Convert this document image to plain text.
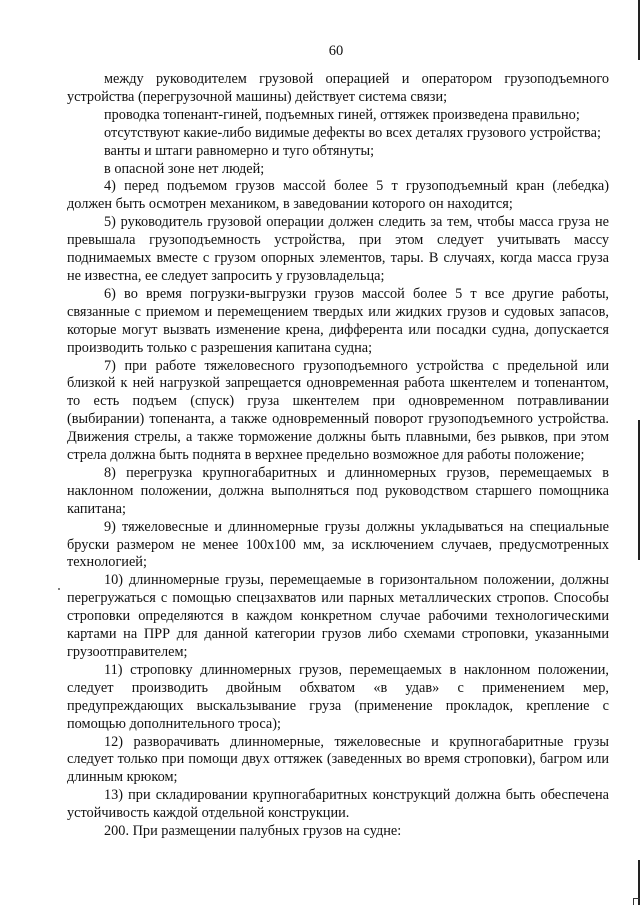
60

между руководителем грузовой операцией и оператором грузоподъемного устройства (перегрузочной машины) действует система связи;

проводка топенант-гиней, подъемных гиней, оттяжек произведена правильно;

отсутствуют какие-либо видимые дефекты во всех деталях грузового устройства;

ванты и штаги равномерно и туго обтянуты;

в опасной зоне нет людей;

4) перед подъемом грузов массой более 5 т грузоподъемный кран (лебедка) должен быть осмотрен механиком, в заведовании которого он находится;

5) руководитель грузовой операции должен следить за тем, чтобы масса груза не превышала грузоподъемность устройства, при этом следует учитывать массу поднимаемых вместе с грузом опорных элементов, тары. В случаях, когда масса груза не известна, ее следует запросить у грузовладельца;

6) во время погрузки-выгрузки грузов массой более 5 т все другие работы, связанные с приемом и перемещением твердых или жидких грузов и судовых запасов, которые могут вызвать изменение крена, дифферента или посадки судна, допускается производить только с разрешения капитана судна;

7) при работе тяжеловесного грузоподъемного устройства с предельной или близкой к ней нагрузкой запрещается одновременная работа шкентелем и топенантом, то есть подъем (спуск) груза шкентелем при одновременном потравливании (выбирании) топенанта, а также одновременный поворот грузоподъемного устройства. Движения стрелы, а также торможение должны быть плавными, без рывков, при этом стрела должна быть поднята в верхнее предельно возможное для работы положение;

8) перегрузка крупногабаритных и длинномерных грузов, перемещаемых в наклонном положении, должна выполняться под руководством старшего помощника капитана;

9) тяжеловесные и длинномерные грузы должны укладываться на специальные бруски размером не менее 100х100 мм, за исключением случаев, предусмотренных технологией;

10) длинномерные грузы, перемещаемые в горизонтальном положении, должны перегружаться с помощью спецзахватов или парных металлических стропов. Способы строповки определяются в каждом конкретном случае рабочими технологическими картами на ПРР для данной категории грузов либо схемами строповки, указанными грузоотправителем;

11) строповку длинномерных грузов, перемещаемых в наклонном положении, следует производить двойным обхватом «в удав» с применением мер, предупреждающих выскальзывание груза (применение прокладок, крепление с помощью дополнительного троса);

12) разворачивать длинномерные, тяжеловесные и крупногабаритные грузы следует только при помощи двух оттяжек (заведенных во время строповки), багром или длинным крюком;

13) при складировании крупногабаритных конструкций должна быть обеспечена устойчивость каждой отдельной конструкции.

200. При размещении палубных грузов на судне:
